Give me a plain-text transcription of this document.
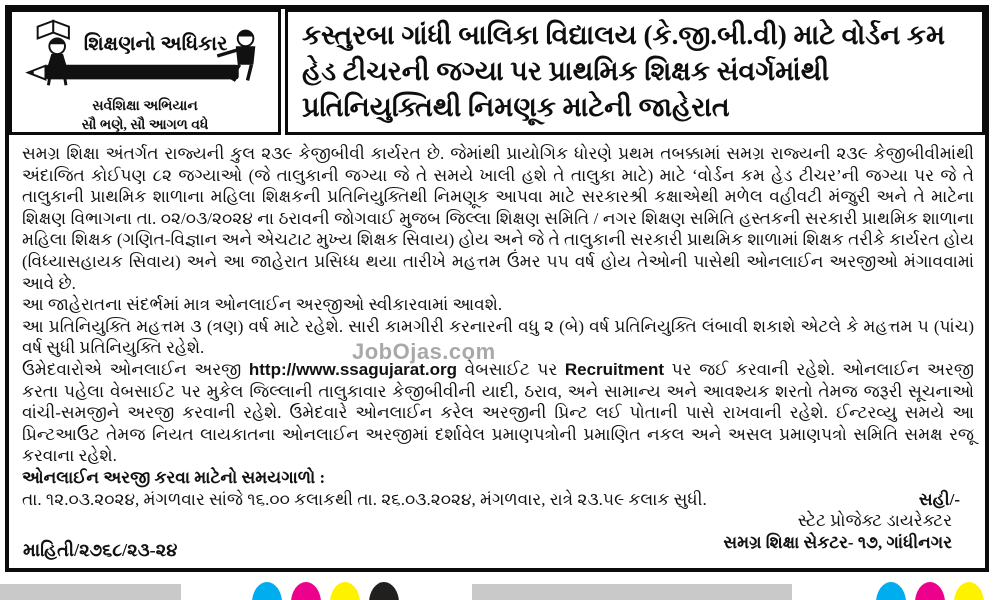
શિક્ષણનો અધિકાર
સર્વશિક્ષા અભિયાન
સૌ ભણે, સૌ આગળ વધે
કસ્તુરબા ગાંધી બાલિકા વિદ્યાલય (કે.જી.બી.વી) માટે વોર્ડન કમ હેડ ટીચરની જગ્યા પર પ્રાથમિક શિક્ષક સંવર્ગમાંથી પ્રતિનિયુક્તિથી નિમણૂક માટેની જાહેરાત

સમગ્ર શિક્ષા અંતર્ગત રાજ્યની કુલ ૨૩૯ કેજીબીવી કાર્યરત છે. જેમાંથી પ્રાયોગિક ધોરણે પ્રથમ તબક્કામાં સમગ્ર રાજ્યની ૨૩૯ કેજીબીવીમાંથી અંદાજિત કોઈપણ ૮૨ જગ્યાઓ (જે તાલુકાની જગ્યા જે તે સમયે ખાલી હશે તે તાલુકા માટે) માટે ‘વોર્ડન કમ હેડ ટીચર’ની જગ્યા પર જે તે તાલુકાની પ્રાથમિક શાળાના મહિલા શિક્ષકની પ્રતિનિયુક્તિથી નિમણૂક આપવા માટે સરકારશ્રી કક્ષાએથી મળેલ વહીવટી મંજુરી અને તે માટેના શિક્ષણ વિભાગના તા. ૦૨/૦૩/૨૦૨૪ ના ઠરાવની જોગવાઈ મુજબ જિલ્લા શિક્ષણ સમિતિ / નગર શિક્ષણ સમિતિ હસ્તકની સરકારી પ્રાથમિક શાળાના મહિલા શિક્ષક (ગણિત-વિજ્ઞાન અને એચટાટ મુખ્ય શિક્ષક સિવાય) હોય અને જે તે તાલુકાની સરકારી પ્રાથમિક શાળામાં શિક્ષક તરીકે કાર્યરત હોય (વિધ્યાસહાયક સિવાય) અને આ જાહેરાત પ્રસિધ્ધ થયા તારીખે મહત્તમ ઉંમર ૫૫ વર્ષ હોય તેઓની પાસેથી ઓનલાઈન અરજીઓ મંગાવવામાં આવે છે.

આ જાહેરાતના સંદર્ભમાં માત્ર ઓનલાઈન અરજીઓ સ્વીકારવામાં આવશે.

આ પ્રતિનિયુક્તિ મહત્તમ ૩ (ત્રણ) વર્ષ માટે રહેશે. સારી કામગીરી કરનારની વધુ ૨ (બે) વર્ષ પ્રતિનિયુક્તિ લંબાવી શકાશે એટલે કે મહત્તમ ૫ (પાંચ) વર્ષ સુધી પ્રતિનિયુક્તિ રહેશે.

ઉમેદવારોએ ઓનલાઈન અરજી http://www.ssagujarat.org વેબસાઈટ પર Recruitment પર જઈ કરવાની રહેશે. ઓનલાઈન અરજી કરતા પહેલા વેબસાઈટ પર મુકેલ જિલ્લાની તાલુકાવાર કેજીબીવીની યાદી, ઠરાવ, અને સામાન્ય અને આવશ્યક શરતો તેમજ જરૂરી સૂચનાઓ વાંચી-સમજીને અરજી કરવાની રહેશે. ઉમેદવારે ઓનલાઈન કરેલ અરજીની પ્રિન્ટ લઈ પોતાની પાસે રાખવાની રહેશે. ઈન્ટરવ્યુ સમયે આ પ્રિન્ટઆઉટ તેમજ નિયત લાયકાતના ઓનલાઈન અરજીમાં દર્શાવેલ પ્રમાણપત્રોની પ્રમાણિત નકલ અને અસલ પ્રમાણપત્રો સમિતિ સમક્ષ રજૂ કરવાના રહેશે.

ઓનલાઈન અરજી કરવા માટેનો સમયગાળો :

તા. ૧૨.૦૩.૨૦૨૪, મંગળવાર સાંજે ૧૬.૦૦ કલાકથી તા. ૨૬.૦૩.૨૦૨૪, મંગળવાર, રાત્રે ૨૩.૫૯ કલાક સુધી.	સહી/-
સ્ટેટ પ્રોજેક્ટ ડાયરેક્ટર
સમગ્ર શિક્ષા સેકટર- ૧૭, ગાંધીનગર
માહિતી/૨૭૬૮/૨૩-૨૪
JobOjas.com
